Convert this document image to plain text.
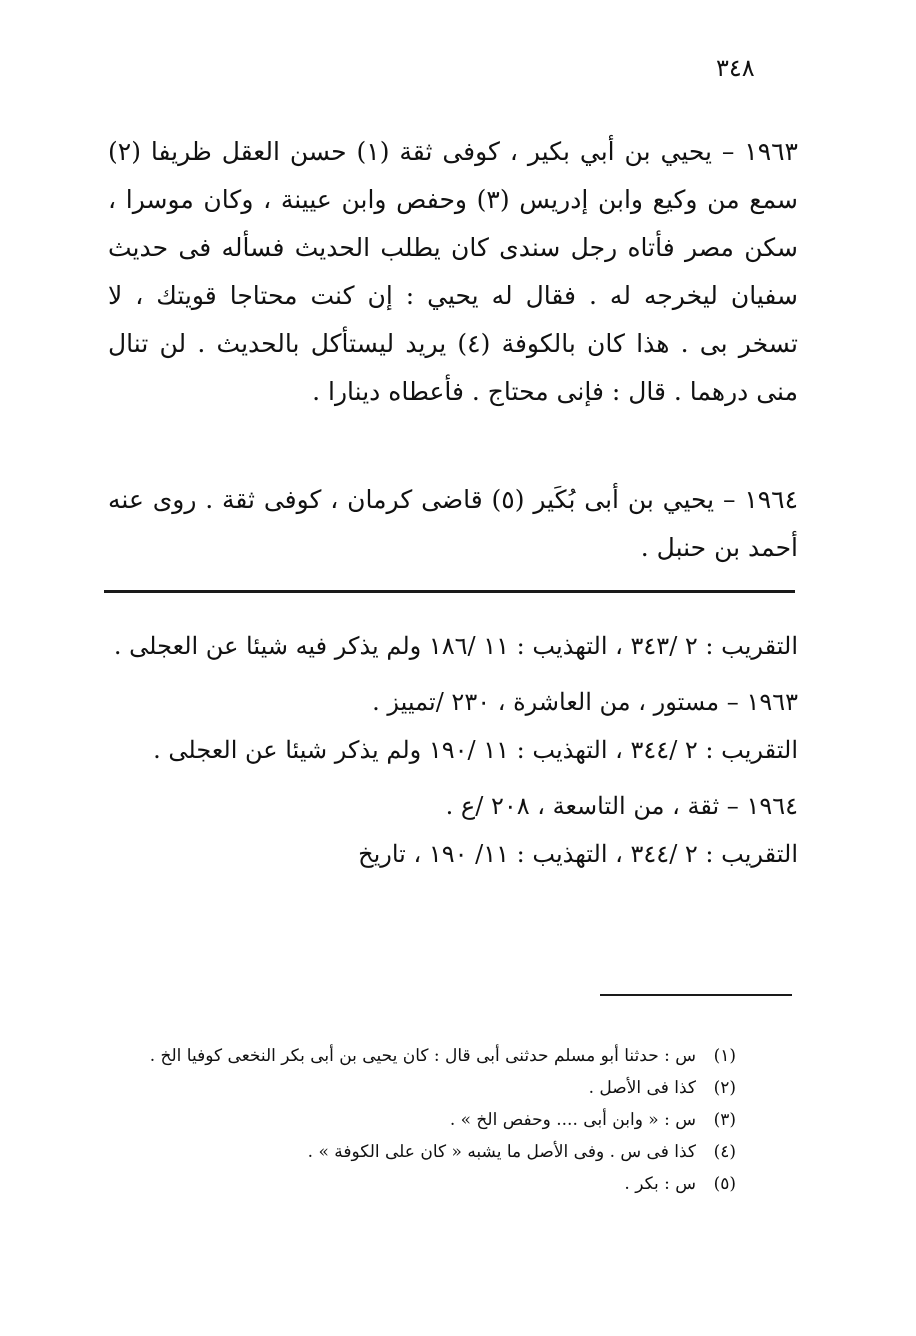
٣٤٨
١٩٦٣ – يحيي بن أبي بكير ، كوفى ثقة (١) حسن العقل ظريفا (٢) سمع من وكيع وابن إدريس (٣) وحفص وابن عيينة ، وكان موسرا ، سكن مصر فأتاه رجل سندى كان يطلب الحديث فسأله فى حديث سفيان ليخرجه له . فقال له يحيي : إن كنت محتاجا قويتك ، لا تسخر بى . هذا كان بالكوفة (٤) يريد ليستأكل بالحديث . لن تنال منى درهما . قال : فإنى محتاج . فأعطاه دينارا .
١٩٦٤ – يحيي بن أبى بُكَير (٥) قاضى كرمان ، كوفى ثقة . روى عنه أحمد بن حنبل .
التقريب : ٢ /٣٤٣ ، التهذيب : ١١ /١٨٦ ولم يذكر فيه شيئا عن العجلى .
١٩٦٣ – مستور ، من العاشرة ، ٢٣٠ /تمييز .
التقريب : ٢ /٣٤٤ ، التهذيب : ١١ /١٩٠ ولم يذكر شيئا عن العجلى .
١٩٦٤ – ثقة ، من التاسعة ، ٢٠٨ /ع .
التقريب : ٢ /٣٤٤ ، التهذيب : ١١/ ١٩٠ ، تاريخ
(١)
س : حدثنا أبو مسلم حدثنى أبى قال : كان يحيى بن أبى بكر النخعى كوفيا الخ .
(٢)
كذا فى الأصل .
(٣)
س : « وابن أبى .... وحفص الخ » .
(٤)
كذا فى س . وفى الأصل ما يشبه « كان على الكوفة » .
(٥)
س : بكر .
